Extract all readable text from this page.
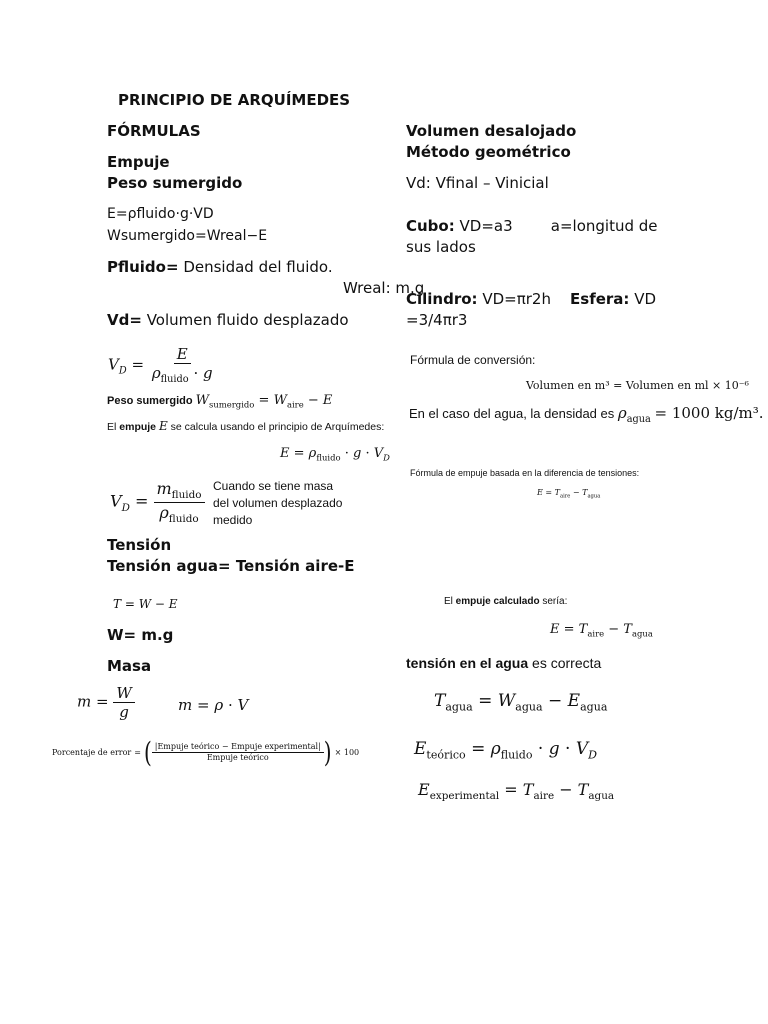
PRINCIPIO DE ARQUÍMEDES
FÓRMULAS
Empuje
Peso sumergido
E=ρfluido·g·VD
Wsumergido=Wreal−E
Pfluido= Densidad del fluido.
Wreal: m.g
Vd= Volumen fluido desplazado
$V_D = \frac{E}{\rho_{fluido} \cdot g}$
Peso sumergido $W_{sumergido} = W_{aire} - E$
El empuje E se calcula usando el principio de Arquímedes:
$E = \rho_{fluido} \cdot g \cdot V_D$
$V_D = \frac{m_{fluido}}{\rho_{fluido}}$ Cuando se tiene masa del volumen desplazado medido
Tensión
Tensión agua= Tensión aire-E
T = W − E
W= m.g
Masa
$m = \frac{W}{g}$	m = ρ · V
Porcentaje de error = ( $\frac{\text{|Empuje teórico − Empuje experimental|}}{\text{Empuje teórico}}$ ) × 100
Volumen desalojado
Método geométrico
Vd: Vfinal – Vinicial
Cubo: VD=a3        a=longitud de sus lados
Cilindro: VD=πr2h    Esfera: VD =3/4πr3
Fórmula de conversión:
Volumen en m³ = Volumen en ml × 10⁻⁶
En el caso del agua, la densidad es $\rho_{agua} = 1000$ kg/m³.
Fórmula de empuje basada en la diferencia de tensiones:
$E = T_{aire} - T_{agua}$
El empuje calculado sería:
$E = T_{aire} - T_{agua}$
tensión en el agua es correcta
$T_{agua} = W_{agua} - E_{agua}$
$E_{teórico} = \rho_{fluido} \cdot g \cdot V_D$
$E_{experimental} = T_{aire} - T_{agua}$
